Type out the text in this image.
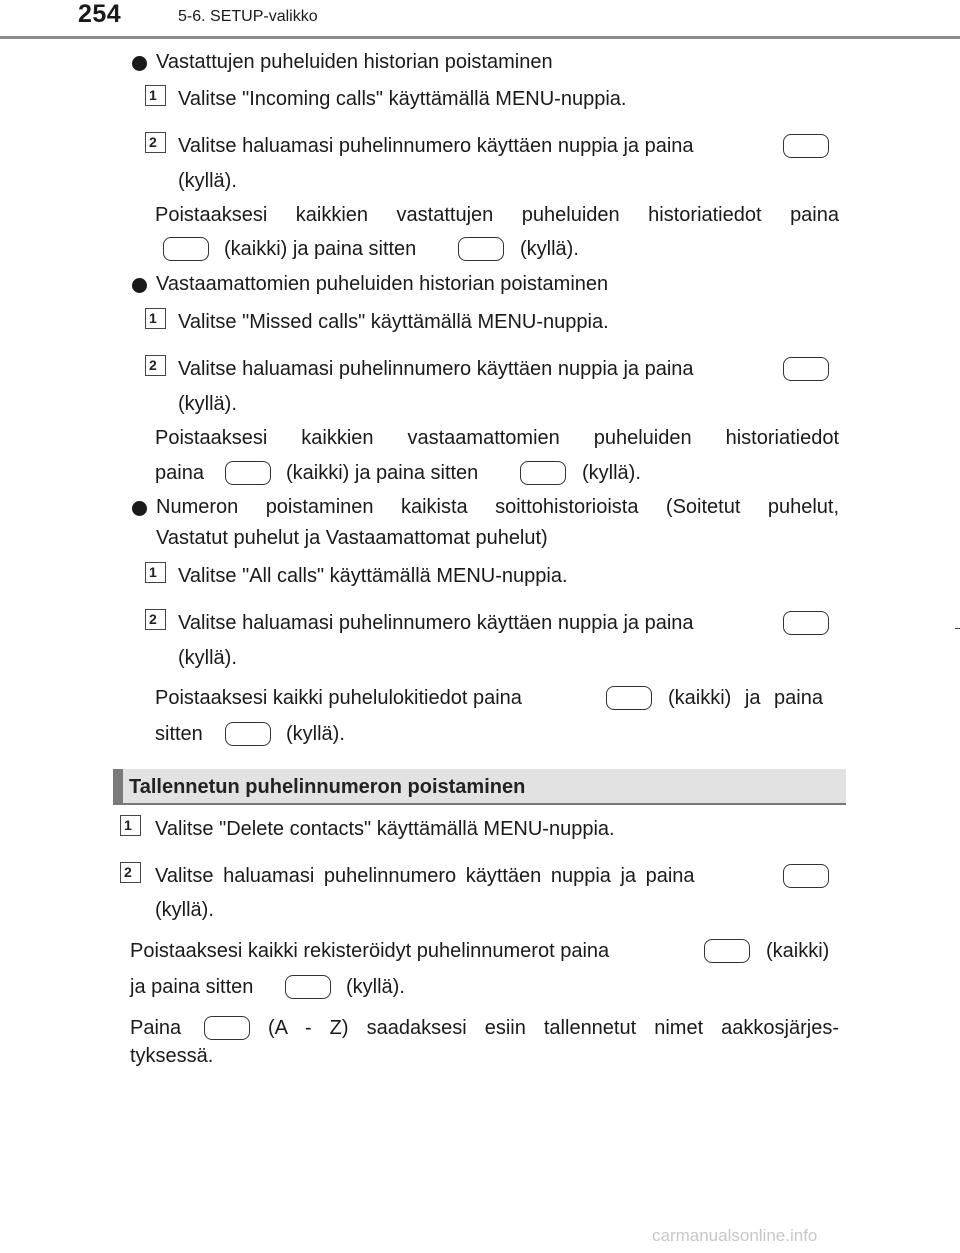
254	5-6. SETUP-valikko
Vastattujen puheluiden historian poistaminen
1	Valitse "Incoming calls" käyttämällä MENU-nuppia.
2	Valitse haluamasi puhelinnumero käyttäen nuppia ja paina
(kyllä).
Poistaaksesi kaikkien vastattujen puheluiden historiatiedot paina
(kaikki) ja paina sitten	(kyllä).
Vastaamattomien puheluiden historian poistaminen
1	Valitse "Missed calls" käyttämällä MENU-nuppia.
2	Valitse haluamasi puhelinnumero käyttäen nuppia ja paina
(kyllä).
Poistaaksesi kaikkien vastaamattomien puheluiden historiatiedot
paina	(kaikki) ja paina sitten	(kyllä).
Numeron poistaminen kaikista soittohistorioista (Soitetut puhelut,
Vastatut puhelut ja Vastaamattomat puhelut)
1	Valitse "All calls" käyttämällä MENU-nuppia.
2	Valitse haluamasi puhelinnumero käyttäen nuppia ja paina
(kyllä).
Poistaaksesi kaikki puhelulokitiedot paina	(kaikki) ja paina
sitten	(kyllä).
Tallennetun puhelinnumeron poistaminen
1	Valitse "Delete contacts" käyttämällä MENU-nuppia.
2	Valitse haluamasi puhelinnumero käyttäen nuppia ja paina
(kyllä).
Poistaaksesi kaikki rekisteröidyt puhelinnumerot paina	(kaikki)
ja paina sitten	(kyllä).
Paina	(A - Z) saadaksesi esiin tallennetut nimet aakkosjärjes-
tyksessä.
carmanualsonline.info
